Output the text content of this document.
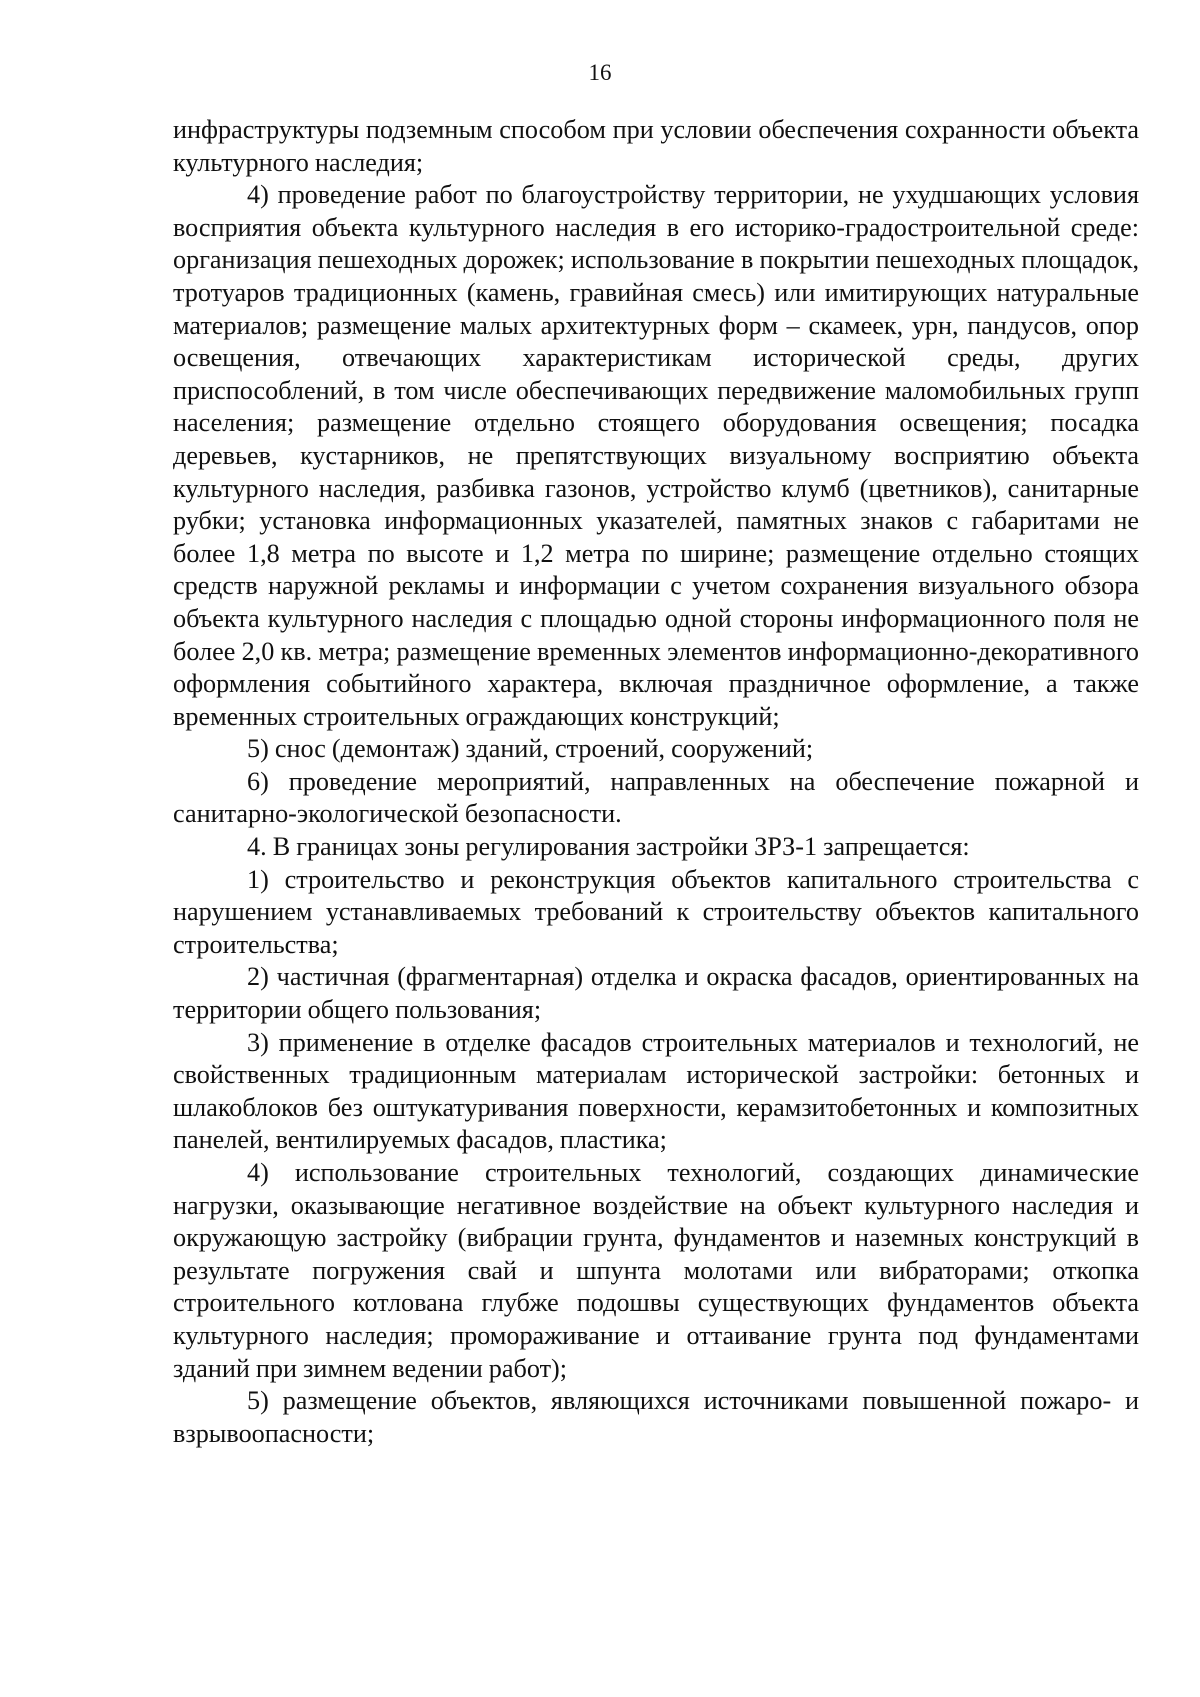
16

инфраструктуры подземным способом при условии обеспечения сохранности объекта культурного наследия;

4) проведение работ по благоустройству территории, не ухудшающих условия восприятия объекта культурного наследия в его историко-градостроительной среде: организация пешеходных дорожек; использование в покрытии пешеходных площадок, тротуаров традиционных (камень, гравийная смесь) или имитирующих натуральные материалов; размещение малых архитектурных форм – скамеек, урн, пандусов, опор освещения, отвечающих характеристикам исторической среды, других приспособлений, в том числе обеспечивающих передвижение маломобильных групп населения; размещение отдельно стоящего оборудования освещения; посадка деревьев, кустарников, не препятствующих визуальному восприятию объекта культурного наследия, разбивка газонов, устройство клумб (цветников), санитарные рубки; установка информационных указателей, памятных знаков с габаритами не более 1,8 метра по высоте и 1,2 метра по ширине; размещение отдельно стоящих средств наружной рекламы и информации с учетом сохранения визуального обзора объекта культурного наследия с площадью одной стороны информационного поля не более 2,0 кв. метра; размещение временных элементов информационно-декоративного оформления событийного характера, включая праздничное оформление, а также временных строительных ограждающих конструкций;

5) снос (демонтаж) зданий, строений, сооружений;

6) проведение мероприятий, направленных на обеспечение пожарной и санитарно-экологической безопасности.

4. В границах зоны регулирования застройки ЗРЗ-1 запрещается:

1) строительство и реконструкция объектов капитального строительства с нарушением устанавливаемых требований к строительству объектов капитального строительства;

2) частичная (фрагментарная) отделка и окраска фасадов, ориентированных на территории общего пользования;

3) применение в отделке фасадов строительных материалов и технологий, не свойственных традиционным материалам исторической застройки: бетонных и шлакоблоков без оштукатуривания поверхности, керамзитобетонных и композитных панелей, вентилируемых фасадов, пластика;

4) использование строительных технологий, создающих динамические нагрузки, оказывающие негативное воздействие на объект культурного наследия и окружающую застройку (вибрации грунта, фундаментов и наземных конструкций в результате погружения свай и шпунта молотами или вибраторами; откопка строительного котлована глубже подошвы существующих фундаментов объекта культурного наследия; промораживание и оттаивание грунта под фундаментами зданий при зимнем ведении работ);

5) размещение объектов, являющихся источниками повышенной пожаро- и взрывоопасности;
